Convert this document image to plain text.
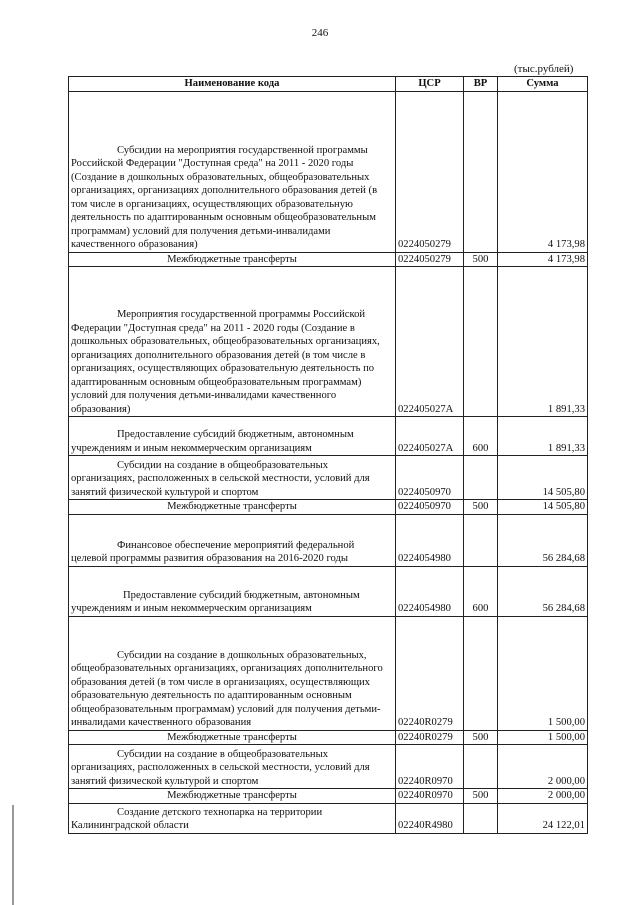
246
(тыс.рублей)
Наименование кода	ЦСР	ВР	Сумма
Субсидии на мероприятия государственной программы Российской Федерации "Доступная среда" на 2011 - 2020 годы (Создание в дошкольных образовательных, общеобразовательных организациях, организациях дополнительного образования детей (в том числе в организациях, осуществляющих образовательную деятельность по адаптированным основным общеобразовательным программам) условий для получения детьми-инвалидами качественного образования)	0224050279		4 173,98
Межбюджетные трансферты	0224050279	500	4 173,98
Мероприятия государственной программы Российской Федерации "Доступная среда" на 2011 - 2020 годы (Создание в дошкольных образовательных, общеобразовательных организациях, организациях дополнительного образования детей (в том числе в организациях, осуществляющих образовательную деятельность по адаптированным основным общеобразовательным программам) условий для получения детьми-инвалидами качественного образования)	022405027А		1 891,33
Предоставление субсидий бюджетным, автономным учреждениям и иным некоммерческим организациям	022405027А	600	1 891,33
Субсидии на создание в общеобразовательных организациях, расположенных в сельской местности, условий для занятий физической культурой и спортом	0224050970		14 505,80
Межбюджетные трансферты	0224050970	500	14 505,80
Финансовое обеспечение мероприятий федеральной целевой программы развития образования на 2016-2020 годы	0224054980		56 284,68
Предоставление субсидий бюджетным, автономным учреждениям и иным некоммерческим организациям	0224054980	600	56 284,68
Субсидии на создание в дошкольных образовательных, общеобразовательных организациях, организациях дополнительного образования детей (в том числе в организациях, осуществляющих образовательную деятельность по адаптированным основным общеобразовательным программам) условий для получения детьми-инвалидами качественного образования	02240R0279		1 500,00
Межбюджетные трансферты	02240R0279	500	1 500,00
Субсидии на создание в общеобразовательных организациях, расположенных в сельской местности, условий для занятий физической культурой и спортом	02240R0970		2 000,00
Межбюджетные трансферты	02240R0970	500	2 000,00
Создание детского технопарка на территории Калининградской области	02240R4980		24 122,01
